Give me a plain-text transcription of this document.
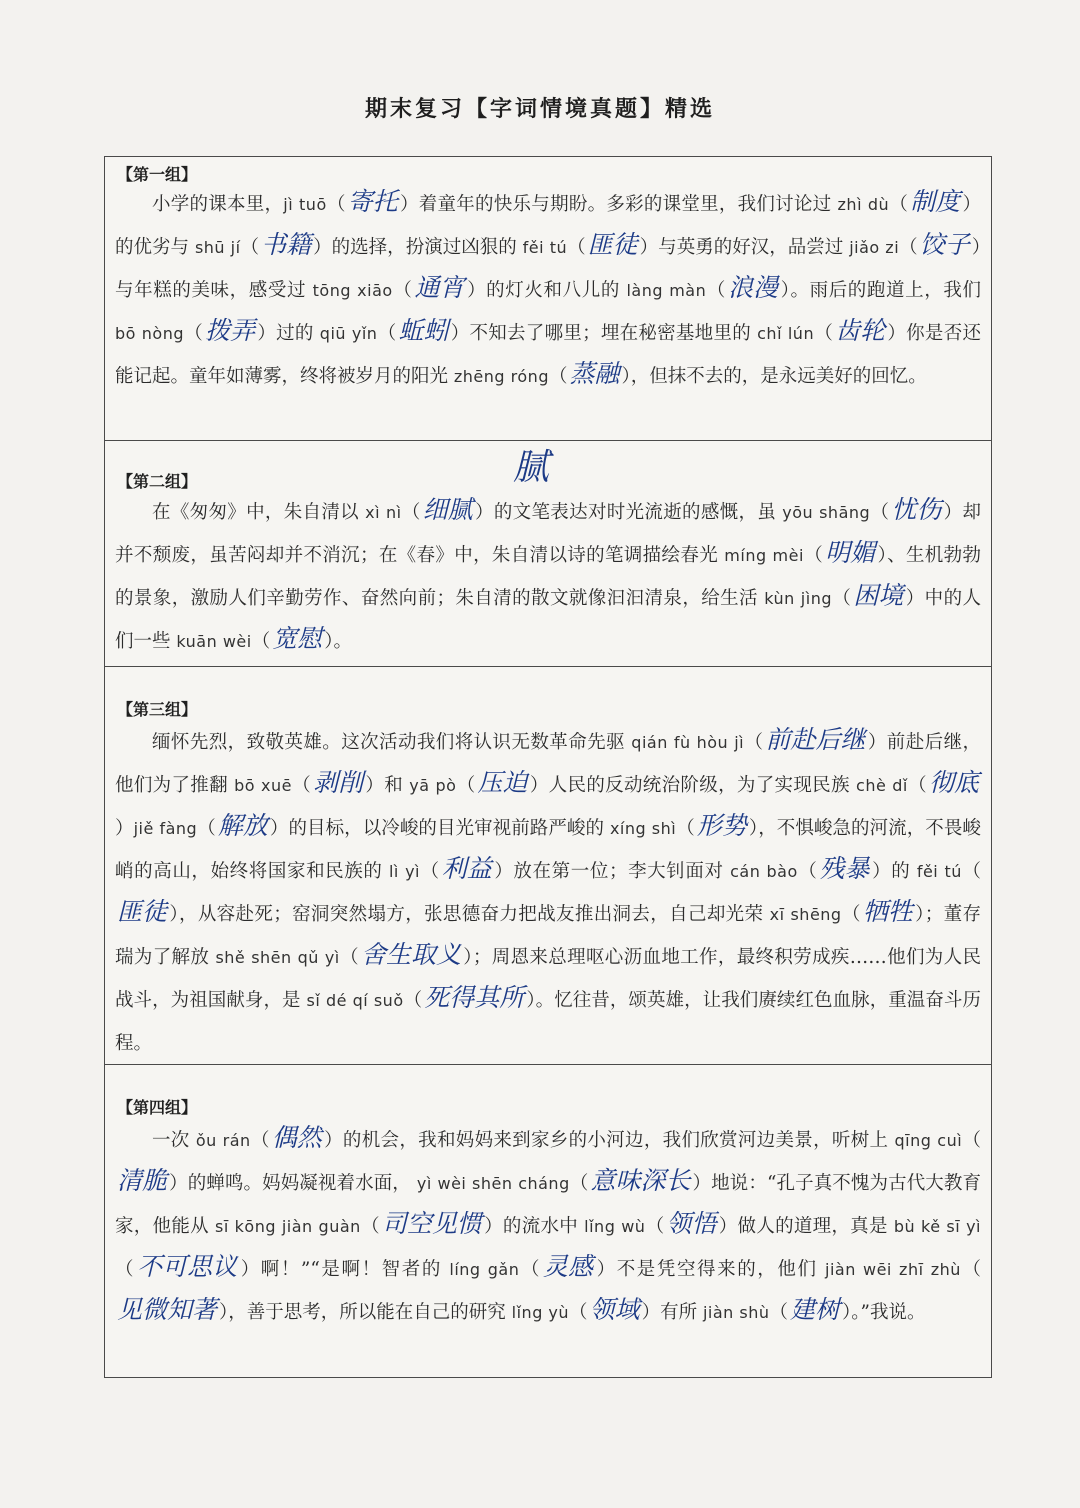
期末复习【字词情境真题】精选
【第一组】
小学的课本里，jì tuō（寄托 ）着童年的快乐与期盼。多彩的课堂里，我们讨论过 zhì dù（制度 ）的优劣与 shū jí（书籍 ）的选择，扮演过凶狠的 fěi tú（匪徒 ）与英勇的好汉，品尝过 jiǎo zi（饺子 ）与年糕的美味，感受过 tōng xiāo（通宵 ）的灯火和八儿的 làng màn（浪漫 ）。雨后的跑道上，我们 bō nòng（拨弄 ）过的 qiū yǐn（蚯蚓 ）不知去了哪里；埋在秘密基地里的 chǐ lún（齿轮 ）你是否还能记起。童年如薄雾，终将被岁月的阳光 zhēng róng（蒸融 ），但抹不去的，是永远美好的回忆。
【第二组】	腻
在《匆匆》中，朱自清以 xì nì（细腻 ）的文笔表达对时光流逝的感慨，虽 yōu shāng（忧伤 ）却并不颓废，虽苦闷却并不消沉；在《春》中，朱自清以诗的笔调描绘春光 míng mèi（明媚 ）、生机勃勃的景象，激励人们辛勤劳作、奋然向前；朱自清的散文就像汩汩清泉，给生活 kùn jìng（困境 ）中的人们一些 kuān wèi（宽慰 ）。
【第三组】
缅怀先烈，致敬英雄。这次活动我们将认识无数革命先驱 qián fù hòu jì（前赴后继 ）前赴后继，他们为了推翻 bō xuē（剥削 ）和 yā pò（压迫 ）人民的反动统治阶级，为了实现民族 chè dǐ（彻底）jiě fàng（解放 ）的目标，以冷峻的目光审视前路严峻的 xíng shì（形势 ），不惧峻急的河流，不畏峻峭的高山，始终将国家和民族的 lì yì（利益 ）放在第一位；李大钊面对 cán bào（残暴 ）的 fěi tú（匪徒 ），从容赴死；窑洞突然塌方，张思德奋力把战友推出洞去，自己却光荣 xī shēng（牺牲 ）；董存瑞为了解放 shě shēn qǔ yì（舍生取义 ）；周恩来总理呕心沥血地工作，最终积劳成疾……他们为人民战斗，为祖国献身，是 sǐ dé qí suǒ（死得其所 ）。忆往昔，颂英雄，让我们赓续红色血脉，重温奋斗历程。
【第四组】
一次 ǒu rán（偶然 ）的机会，我和妈妈来到家乡的小河边，我们欣赏河边美景，听树上 qīng cuì（清脆 ）的蝉鸣。妈妈凝视着水面， yì wèi shēn cháng（意味深长 ）地说：“孔子真不愧为古代大教育家，他能从 sī kōng jiàn guàn（司空见惯 ）的流水中 lǐng wù（领悟 ）做人的道理，真是 bù kě sī yì（不可思议 ）啊！”“是啊！智者的 líng gǎn（灵感 ）不是凭空得来的，他们 jiàn wēi zhī zhù（见微知著 ），善于思考，所以能在自己的研究 lǐng yù（领域 ）有所 jiàn shù（建树 ）。”我说。
